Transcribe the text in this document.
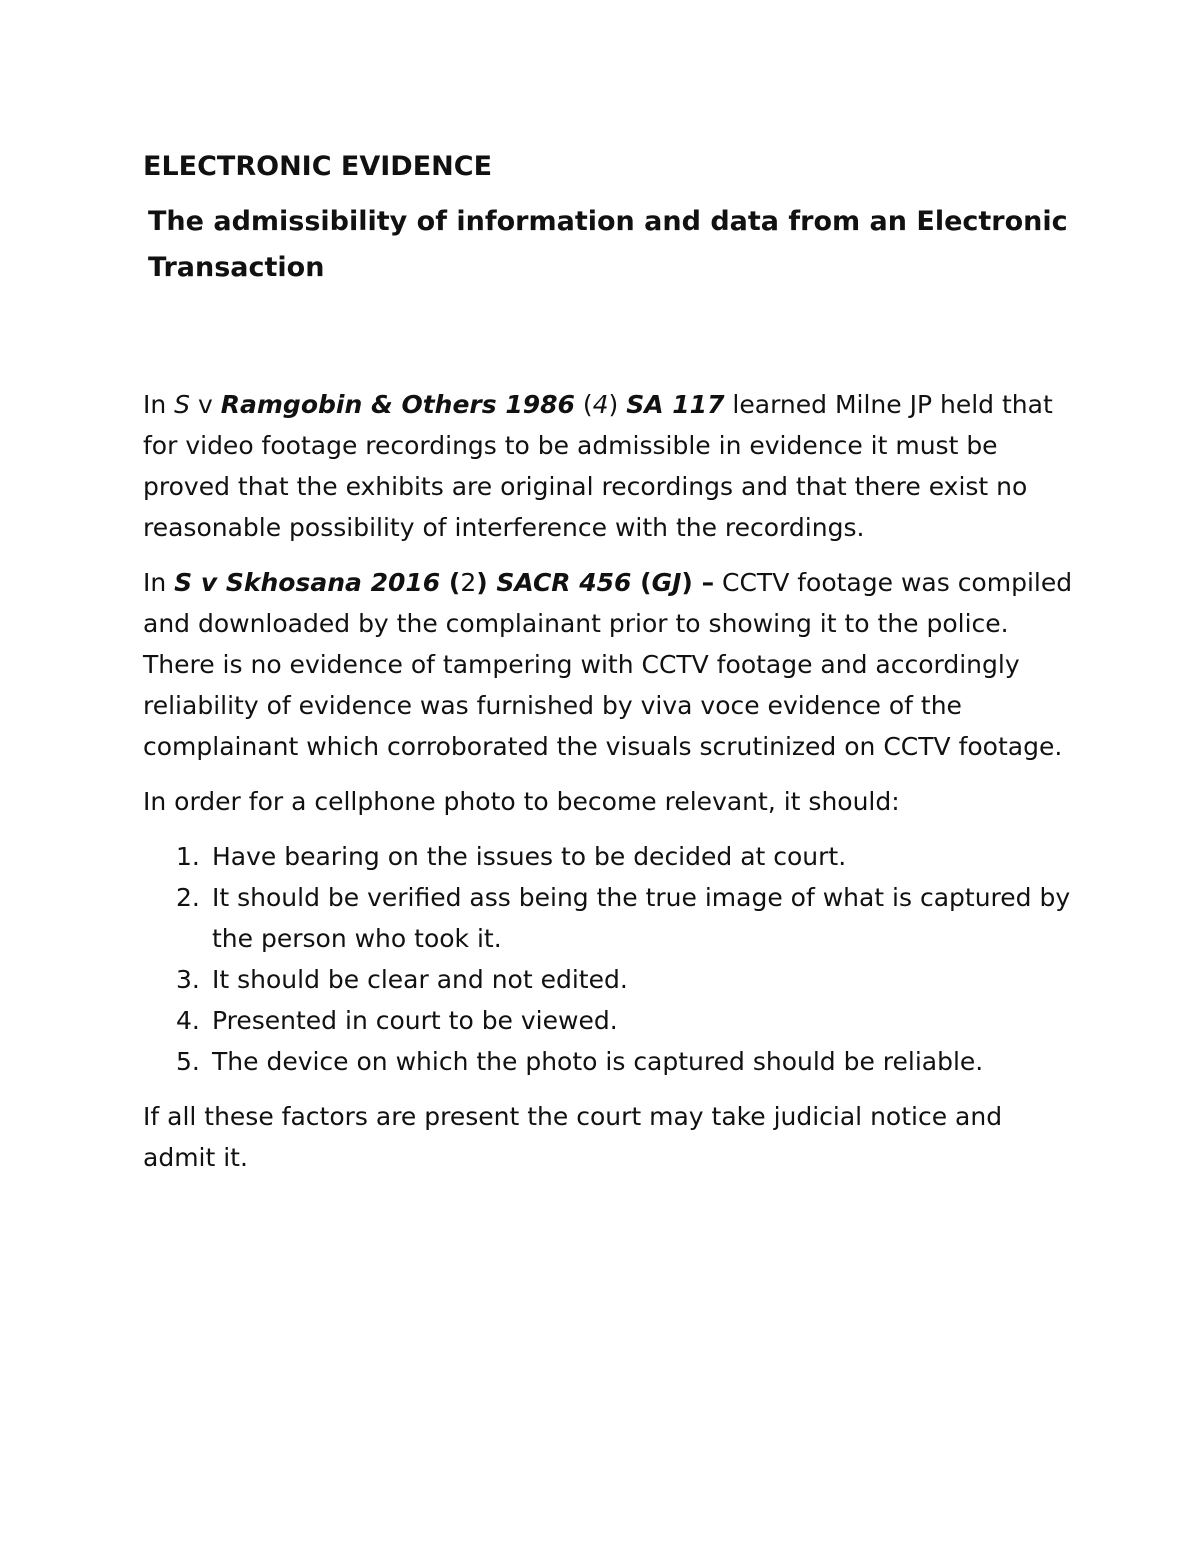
ELECTRONIC EVIDENCE
The admissibility of information and data from an Electronic Transaction

In S v Ramgobin & Others 1986 (4) SA 117 learned Milne JP held that for video footage recordings to be admissible in evidence it must be proved that the exhibits are original recordings and that there exist no reasonable possibility of interference with the recordings.

In S v Skhosana 2016 (2) SACR 456 (GJ) – CCTV footage was compiled and downloaded by the complainant prior to showing it to the police. There is no evidence of tampering with CCTV footage and accordingly reliability of evidence was furnished by viva voce evidence of the complainant which corroborated the visuals scrutinized on CCTV footage.

In order for a cellphone photo to become relevant, it should:

1. Have bearing on the issues to be decided at court.
2. It should be verified ass being the true image of what is captured by the person who took it.
3. It should be clear and not edited.
4. Presented in court to be viewed.
5. The device on which the photo is captured should be reliable.

If all these factors are present the court may take judicial notice and admit it.
